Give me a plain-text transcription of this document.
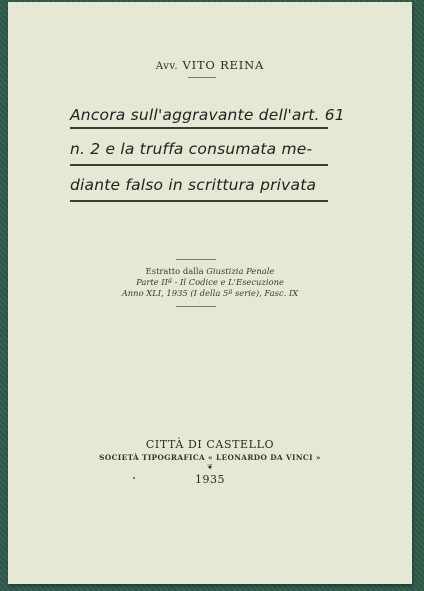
Avv. VITO REINA
Ancora sull'aggravante dell'art. 61
n. 2 e la truffa consumata me-
diante falso in scrittura privata
Estratto dalla Giustizia Penale
Parte IIª - Il Codice e L'Esecuzione
Anno XLI, 1935 (I della 5ª serie), Fasc. IX
CITTÀ DI CASTELLO
SOCIETÀ TIPOGRAFICA « LEONARDO DA VINCI »
❦
1935
